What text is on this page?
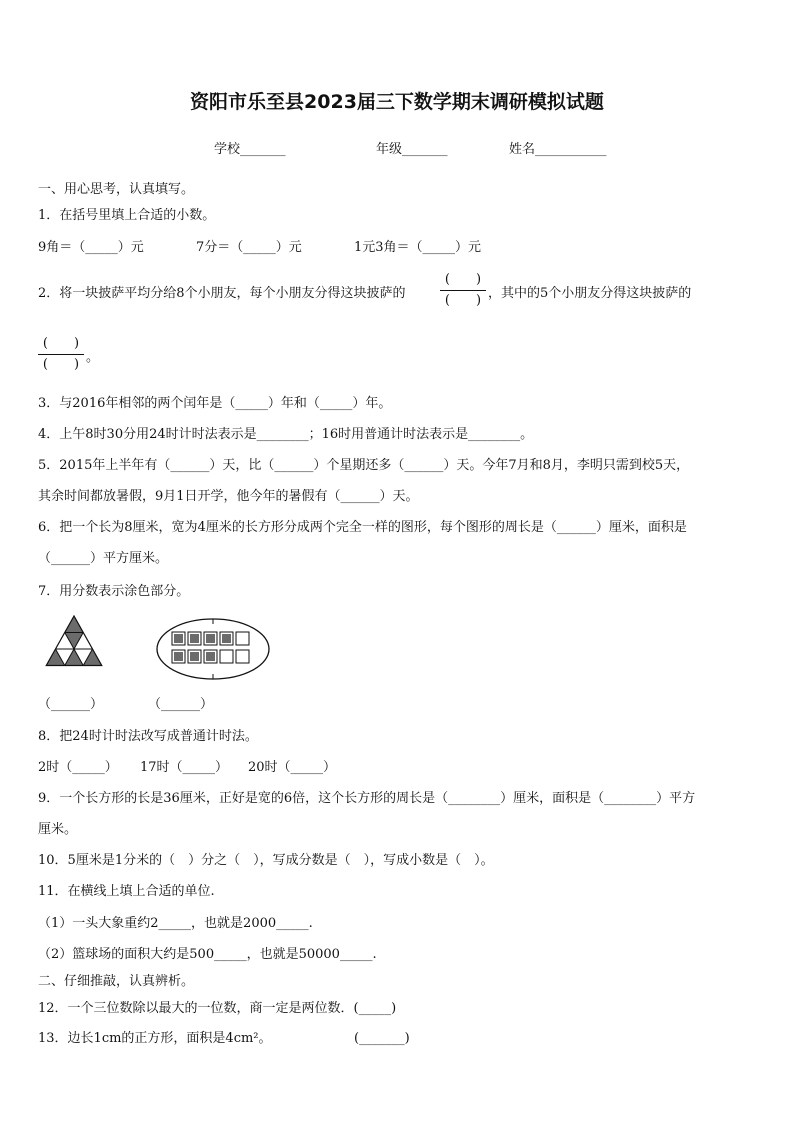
资阳市乐至县2023届三下数学期末调研模拟试题
学校_______	年级_______	姓名___________
一、用心思考，认真填写。
1．在括号里填上合适的小数。
9角＝（_____）元	7分＝（_____）元	1元3角＝（_____）元
2．将一块披萨平均分给8个小朋友，每个小朋友分得这块披萨的
(　　)
(　　) ，其中的5个小朋友分得这块披萨的
(　　)
(　　) 。
3．与2016年相邻的两个闰年是（_____）年和（_____）年。
4．上午8时30分用24时计时法表示是________；16时用普通计时法表示是________。
5．2015年上半年有（______）天，比（______）个星期还多（______）天。今年7月和8月，李明只需到校5天，
其余时间都放暑假，9月1日开学，他今年的暑假有（______）天。
6．把一个长为8厘米，宽为4厘米的长方形分成两个完全一样的图形，每个图形的周长是（______）厘米，面积是
（______）平方厘米。
7．用分数表示涂色部分。
（______）	（______）
8．把24时计时法改写成普通计时法。
2时（_____） 17时（_____） 20时（_____）
9．一个长方形的长是36厘米，正好是宽的6倍，这个长方形的周长是（________）厘米，面积是（________）平方
厘米。
10．5厘米是1分米的（　）分之（　），写成分数是（　），写成小数是（　）。
11．在横线上填上合适的单位.
（1）一头大象重约2_____，也就是2000_____.
（2）篮球场的面积大约是500_____，也就是50000_____.
二、仔细推敲，认真辨析。
12．一个三位数除以最大的一位数，商一定是两位数．(_____)
13．边长1cm的正方形，面积是4cm²。	(_______)
